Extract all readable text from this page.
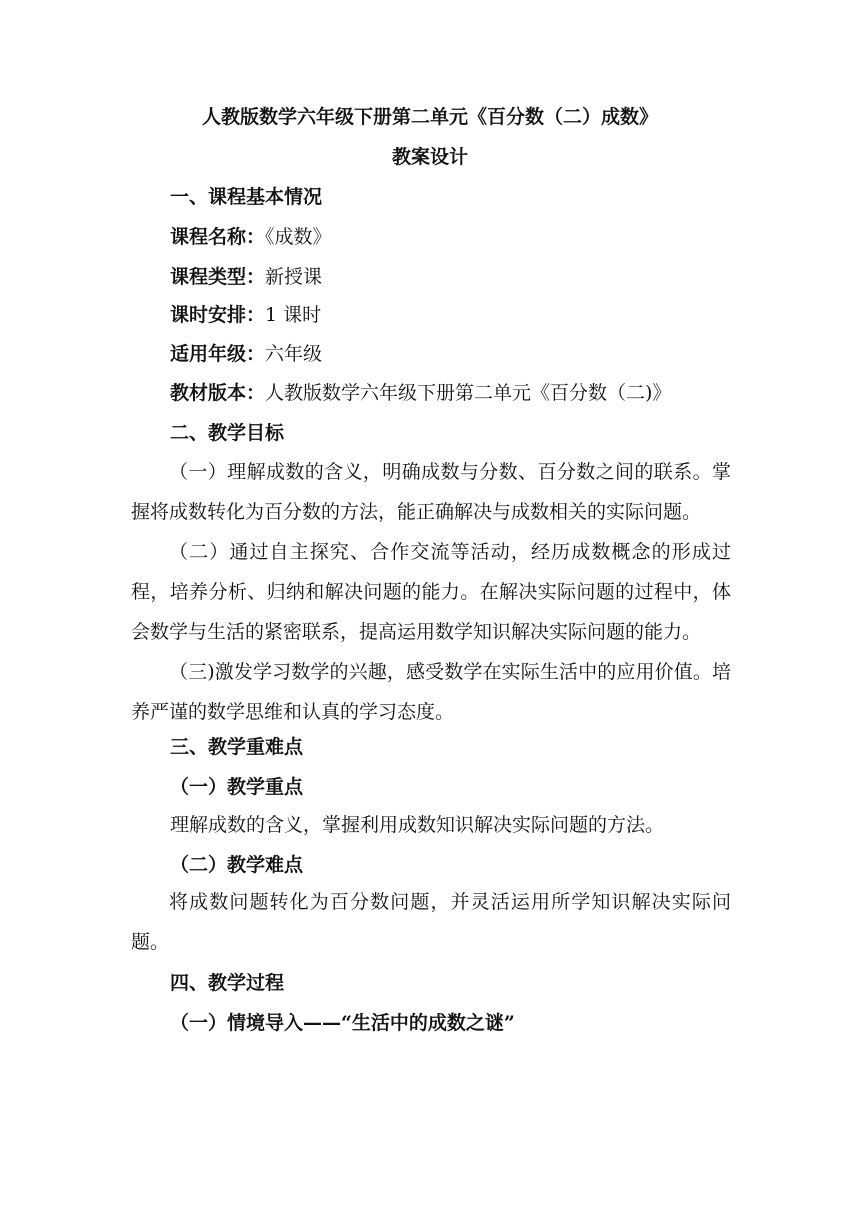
人教版数学六年级下册第二单元《百分数（二）成数》
教案设计
一、课程基本情况
课程名称：《成数》
课程类型：新授课
课时安排：1 课时
适用年级：六年级
教材版本：人教版数学六年级下册第二单元《百分数（二)》
二、教学目标
（一）理解成数的含义，明确成数与分数、百分数之间的联系。掌握将成数转化为百分数的方法，能正确解决与成数相关的实际问题。
（二）通过自主探究、合作交流等活动，经历成数概念的形成过程，培养分析、归纳和解决问题的能力。在解决实际问题的过程中，体会数学与生活的紧密联系，提高运用数学知识解决实际问题的能力。
（三)激发学习数学的兴趣，感受数学在实际生活中的应用价值。培养严谨的数学思维和认真的学习态度。
三、教学重难点
（一）教学重点
理解成数的含义，掌握利用成数知识解决实际问题的方法。
（二）教学难点
将成数问题转化为百分数问题，并灵活运用所学知识解决实际问题。
四、教学过程
（一）情境导入——“生活中的成数之谜”
